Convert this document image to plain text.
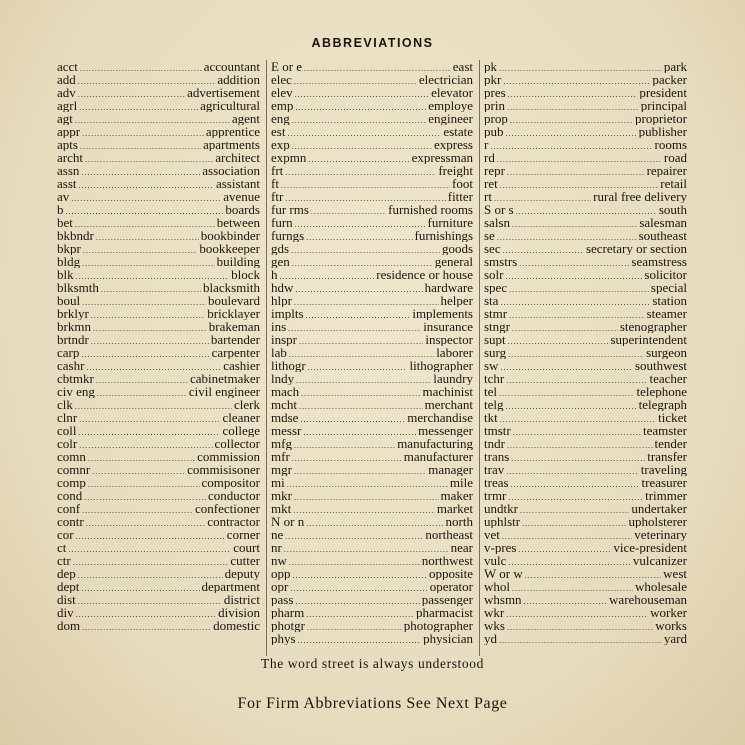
ABBREVIATIONS
acct .....	accountant
add .....	addition
adv .....	advertisement
agrl .....	agricultural
agt .....	agent
appr .....	apprentice
apts .....	apartments
archt .....	architect
assn .....	association
asst .....	assistant
av .....	avenue
b .....	boards
bet .....	between
bkbndr .....	bookbinder
bkpr .....	bookkeeper
bldg .....	building
blk .....	block
blksmth .....	blacksmith
boul .....	boulevard
brklyr .....	bricklayer
brkmn .....	brakeman
brtndr .....	bartender
carp .....	carpenter
cashr .....	cashier
cbtmkr .....	cabinetmaker
civ eng .....	civil engineer
clk .....	clerk
clnr .....	cleaner
coll .....	college
colr .....	collector
comn .....	commission
comnr .....	commisisoner
comp .....	compositor
cond .....	conductor
conf .....	confectioner
contr .....	contractor
cor .....	corner
ct .....	court
ctr .....	cutter
dep .....	deputy
dept .....	department
dist .....	district
div .....	division
dom .....	domestic
E or e .....	east
elec .....	electrician
elev .....	elevator
emp .....	employe
eng .....	engineer
est .....	estate
exp .....	express
expmn .....	expressman
frt .....	freight
ft .....	foot
ftr .....	fitter
fur rms .....	furnished rooms
furn .....	furniture
furngs .....	furnishings
gds .....	goods
gen .....	general
h .....	residence or house
hdw .....	hardware
hlpr .....	helper
implts .....	implements
ins .....	insurance
inspr .....	inspector
lab .....	laborer
lithogr .....	lithographer
lndy .....	laundry
mach .....	machinist
mcht .....	merchant
mdse .....	merchandise
messr .....	messenger
mfg .....	manufacturing
mfr .....	manufacturer
mgr .....	manager
mi .....	mile
mkr .....	maker
mkt .....	market
N or n .....	north
ne .....	northeast
nr .....	near
nw .....	northwest
opp .....	opposite
opr .....	operator
pass .....	passenger
pharm .....	pharmacist
photgr .....	photographer
phys .....	physician
pk .....	park
pkr .....	packer
pres .....	president
prin .....	principal
prop .....	proprietor
pub .....	publisher
r .....	rooms
rd .....	road
repr .....	repairer
ret .....	retail
rt .....	rural free delivery
S or s .....	south
salsn .....	salesman
se .....	southeast
sec .....	secretary or section
smstrs .....	seamstress
solr .....	solicitor
spec .....	special
sta .....	station
stmr .....	steamer
stngr .....	stenographer
supt .....	superintendent
surg .....	surgeon
sw .....	southwest
tchr .....	teacher
tel .....	telephone
telg .....	telegraph
tkt .....	ticket
tmstr .....	teamster
tndr .....	tender
trans .....	transfer
trav .....	traveling
treas .....	treasurer
trmr .....	trimmer
undtkr .....	undertaker
uphlstr .....	upholsterer
vet .....	veterinary
v-pres .....	vice-president
vulc .....	vulcanizer
W or w .....	west
whol .....	wholesale
whsmn .....	warehouseman
wkr .....	worker
wks .....	works
yd .....	yard
The word street is always understood
For Firm Abbreviations See Next Page
